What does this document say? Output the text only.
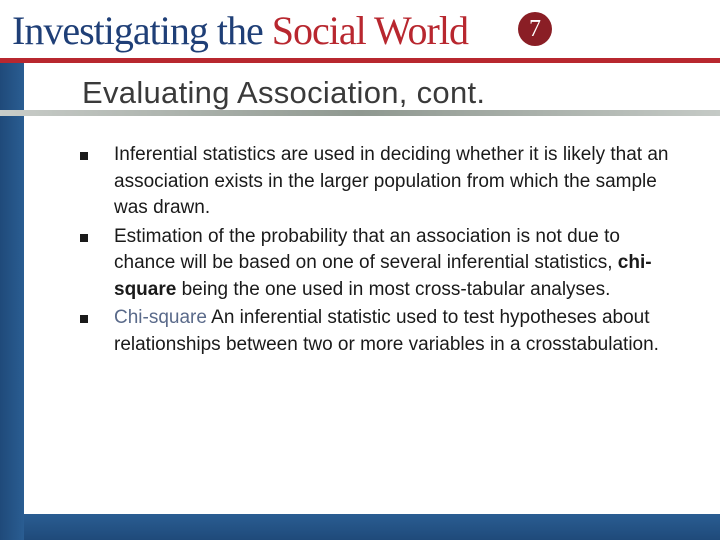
Investigating the Social World	7
Evaluating Association, cont.
Inferential statistics are used in deciding whether it is likely that an association exists in the larger population from which the sample was drawn.
Estimation of the probability that an association is not due to chance will be based on one of several inferential statistics, chi-square being the one used in most cross-tabular analyses.
Chi-square An inferential statistic used to test hypotheses about relationships between two or more variables in a crosstabulation.
